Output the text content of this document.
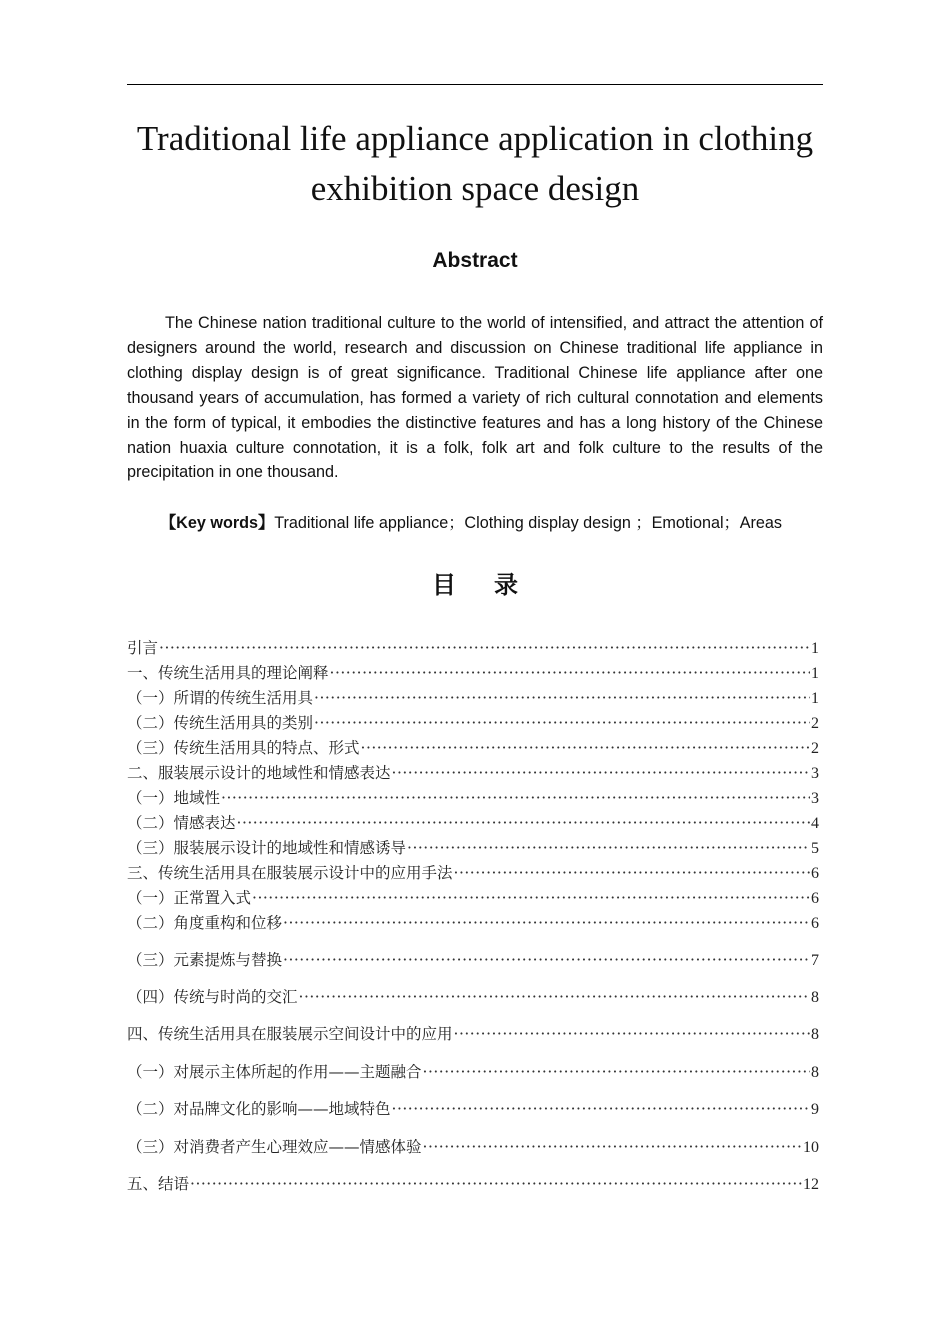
Traditional life appliance application in clothing exhibition space design
Abstract

The Chinese nation traditional culture to the world of intensified, and attract the attention of designers around the world, research and discussion on Chinese traditional life appliance in clothing display design is of great significance. Traditional Chinese life appliance after one thousand years of accumulation, has formed a variety of rich cultural connotation and elements in the form of typical, it embodies the distinctive features and has a long history of the Chinese nation huaxia culture connotation, it is a folk, folk art and folk culture to the results of the precipitation in one thousand.

【Key words】Traditional life appliance；Clothing display design ；Emotional；Areas
目录
引言 ·····	1
一、传统生活用具的理论阐释 ·····	1
（一）所谓的传统生活用具 ·····	1
（二）传统生活用具的类别 ·····	2
（三）传统生活用具的特点、形式 ·····	2
二、服装展示设计的地域性和情感表达 ·····	3
（一）地域性 ·····	3
（二）情感表达 ·····	4
（三）服装展示设计的地域性和情感诱导 ·····	5
三、传统生活用具在服装展示设计中的应用手法 ·····	6
（一）正常置入式 ·····	6
（二）角度重构和位移 ·····	6
（三）元素提炼与替换 ·····	7
（四）传统与时尚的交汇 ·····	8
四、传统生活用具在服装展示空间设计中的应用 ·····	8
（一）对展示主体所起的作用——主题融合 ·····	8
（二）对品牌文化的影响——地域特色 ·····	9
（三）对消费者产生心理效应——情感体验 ·····	10
五、结语 ·····	12
